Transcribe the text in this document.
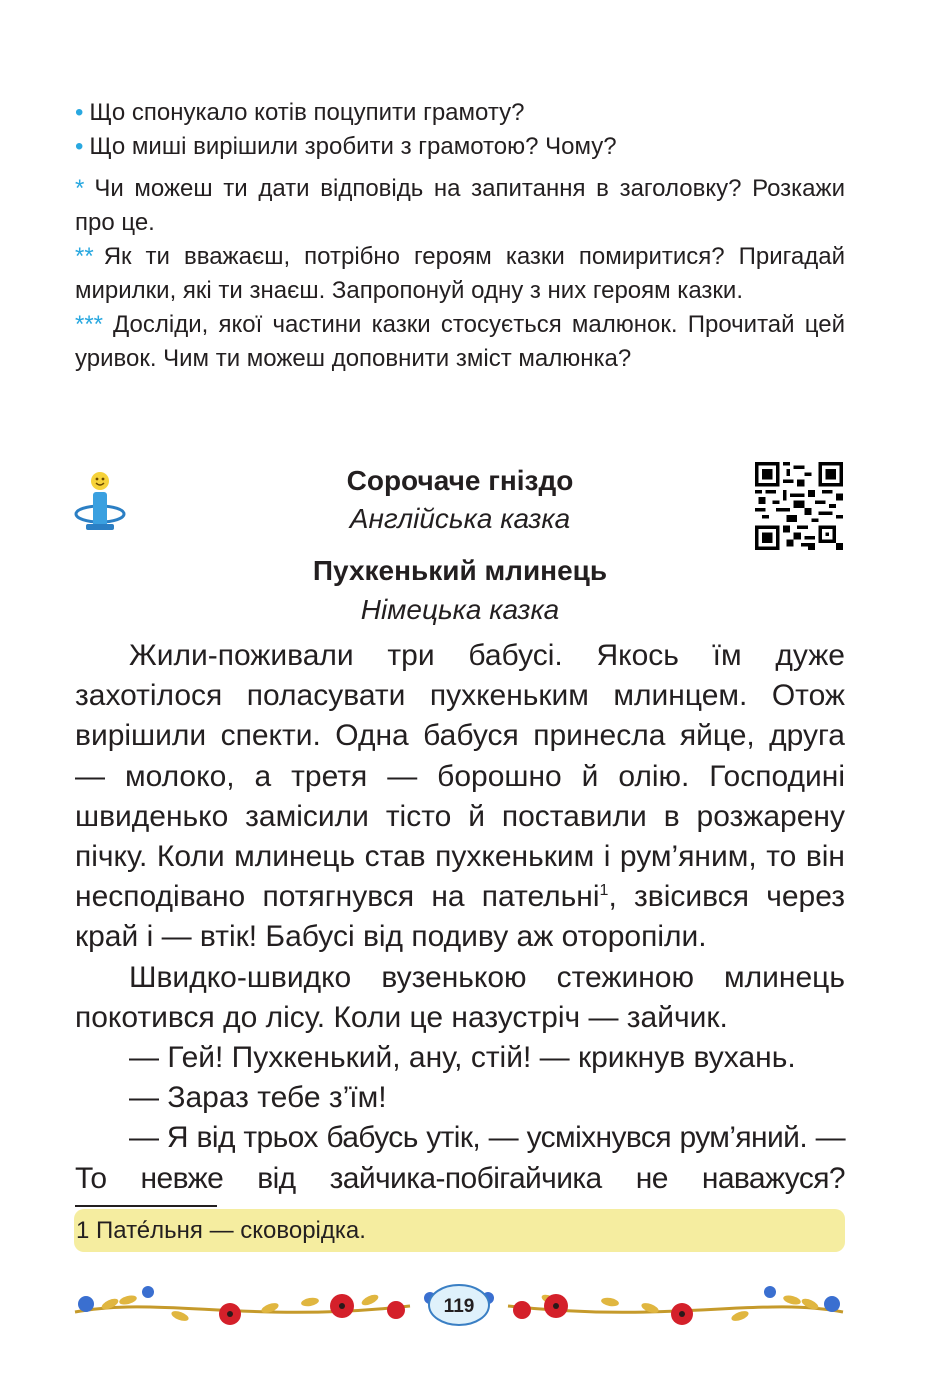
• Що спонукало котів поцупити грамоту?
• Що миші вирішили зробити з грамотою? Чому?

* Чи можеш ти дати відповідь на запитання в заголовку? Розкажи про це.

** Як ти вважаєш, потрібно героям казки помиритися? Пригадай мирилки, які ти знаєш. Запропонуй одну з них героям казки.

*** Досліди, якої частини казки стосується малюнок. Прочитай цей уривок. Чим ти можеш доповнити зміст малюнка?

Сорочаче гніздо
Англійська казка
Пухкенький млинець
Німецька казка

Жили-поживали три бабусі. Якось їм дуже захотілося поласувати пухкеньким млинцем. Отож вирішили спекти. Одна бабуся принесла яйце, друга — молоко, а третя — борошно й олію. Господині швиденько замісили тісто й поставили в розжарену пічку. Коли млинець став пухкеньким і рум’яним, то він несподівано потягнувся на пательні$^1$, звісився через край і — втік! Бабусі від подиву аж оторопіли.

Швидко-швидко вузенькою стежиною млинець покотився до лісу. Коли це назустріч — зайчик.

— Гей! Пухкенький, ану, стій! — крикнув вухань.

— Зараз тебе з’їм!

— Я від трьох бабусь утік, — усміхнувся рум’яний. — То невже від зайчика-побігайчика не наважуся?

1 Пате́льня — сковорідка.
119
